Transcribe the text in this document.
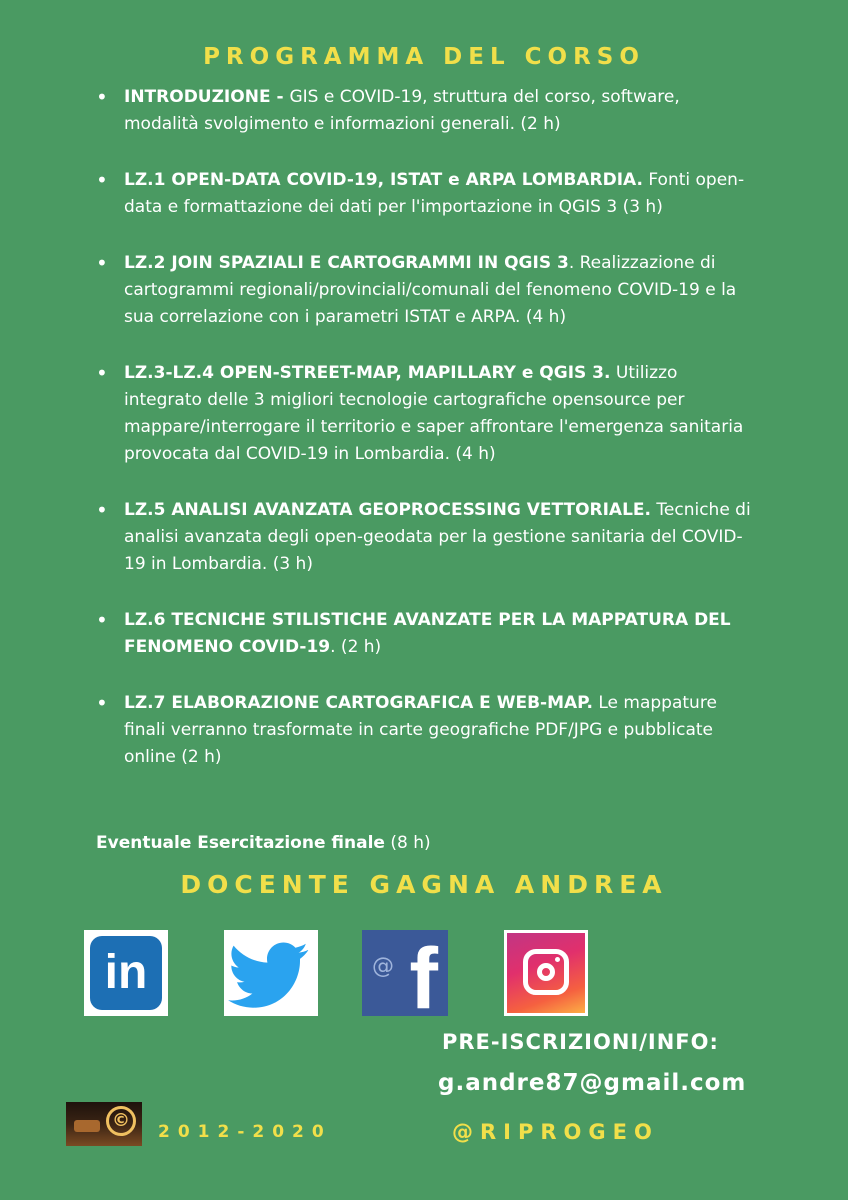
PROGRAMMA DEL CORSO
• INTRODUZIONE - GIS e COVID-19, struttura del corso, software, modalità svolgimento e informazioni generali. (2 h)
• LZ.1 OPEN-DATA COVID-19, ISTAT e ARPA LOMBARDIA. Fonti open-data e formattazione dei dati per l'importazione in QGIS 3 (3 h)
• LZ.2 JOIN SPAZIALI E CARTOGRAMMI IN QGIS 3. Realizzazione di cartogrammi regionali/provinciali/comunali del fenomeno COVID-19 e la sua correlazione con i parametri ISTAT e ARPA. (4 h)
• LZ.3-LZ.4 OPEN-STREET-MAP, MAPILLARY e QGIS 3. Utilizzo integrato delle 3 migliori tecnologie cartografiche opensource per mappare/interrogare il territorio e saper affrontare l'emergenza sanitaria provocata dal COVID-19 in Lombardia. (4 h)
• LZ.5 ANALISI AVANZATA GEOPROCESSING VETTORIALE. Tecniche di analisi avanzata degli open-geodata per la gestione sanitaria del COVID-19 in Lombardia. (3 h)
• LZ.6 TECNICHE STILISTICHE AVANZATE PER LA MAPPATURA DEL FENOMENO COVID-19. (2 h)
• LZ.7 ELABORAZIONE CARTOGRAFICA E WEB-MAP. Le mappature finali verranno trasformate in carte geografiche PDF/JPG e pubblicate online (2 h)
Eventuale Esercitazione finale (8 h)
DOCENTE GAGNA ANDREA
in	@ f
PRE-ISCRIZIONI/INFO:
g.andre87@gmail.com
©
2012-2020	@RIPROGEO
